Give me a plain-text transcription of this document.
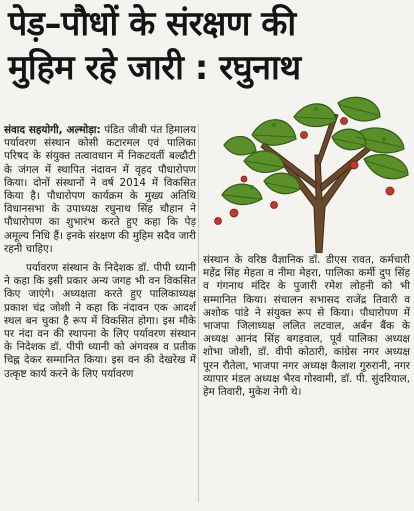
पेड़–पौधों के संरक्षण की
मुहिम रहे जारी : रघुनाथ

संवाद सहयोगी, अल्मोड़ा: पंडित जीबी पंत हिमालय पर्यावरण संस्थान कोसी कटारमल एवं पालिका परिषद के संयुक्त तत्वावधान में निकटवर्ती बल्ढौटी के जंगल में स्थापित नंदावन में वृहद पौधारोपण किया। दोनों संस्थानों ने वर्ष 2014 में विकसित किया है। पौधारोपण कार्यक्रम के मुख्य अतिथि विधानसभा के उपाध्यक्ष रघुनाथ सिंह चौहान ने पौधारोपण का शुभारंभ करते हुए कहा कि पेड़ अमूल्य निधि हैं। इनके संरक्षण की मुहिम सदैव जारी रहनी चाहिए।

पर्यावरण संस्थान के निदेशक डॉ. पीपी ध्यानी ने कहा कि इसी प्रकार अन्य जगह भी वन विकसित किए जाएंगे। अध्यक्षता करते हुए पालिकाध्यक्ष प्रकाश चंद्र जोशी ने कहा कि नंदावन एक आदर्श स्थल बन चुका है रूप में विकसित होगा। इस मौके पर नंदा वन की स्थापना के लिए पर्यावरण संस्थान के निदेशक डॉ. पीपी ध्यानी को अंगवस्त्र व प्रतीक चिह्न देकर सम्मानित किया। इस वन की देखरेख में उत्कृष्ट कार्य करने के लिए पर्यावरण

संस्थान के वरिष्ठ वैज्ञानिक डॉ. डीएस रावत, कर्मचारी महेंद्र सिंह मेहता व नीमा मेहरा, पालिका कर्मी दुप सिंह व गंगनाथ मंदिर के पुजारी रमेश लोहनी को भी सम्मानित किया। संचालन सभासद राजेंद्र तिवारी व अशोक पांडे ने संयुक्त रूप से किया। पौधारोपण में भाजपा जिलाध्यक्ष ललित लटवाल, अर्बन बैंक के अध्यक्ष आनंद सिंह बगड़वाल, पूर्व पालिका अध्यक्ष शोभा जोशी, डॉ. वीपी कोठारी, कांग्रेस नगर अध्यक्ष पूरन रौतेला, भाजपा नगर अध्यक्ष कैलाश गुरुरानी, नगर व्यापार मंडल अध्यक्ष भैरव गोस्वामी, डॉ. पी. सुंदरियाल, हेम तिवारी, मुकेश नेगी थे।
